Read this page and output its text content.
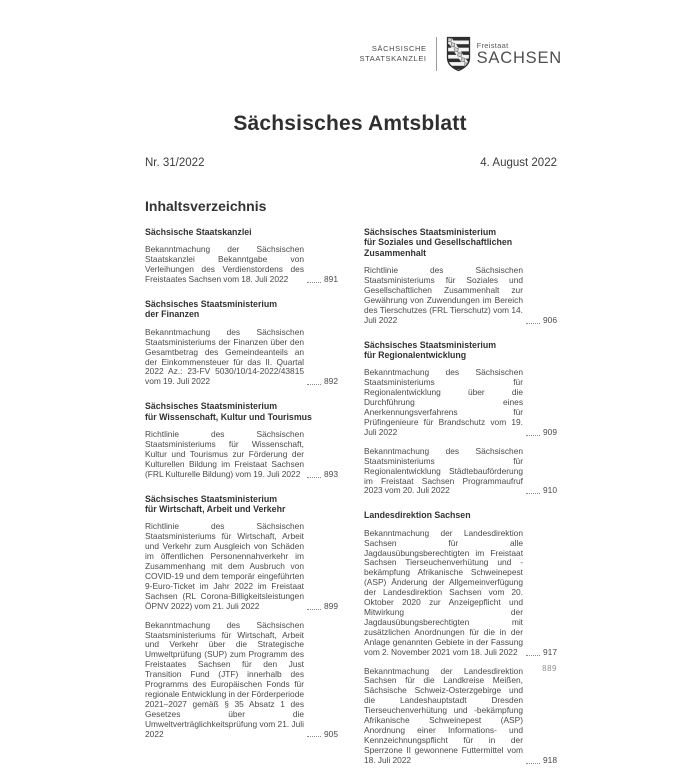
SÄCHSISCHE
STAATSKANZLEI
Freistaat
SACHSEN
Sächsisches Amtsblatt
Nr. 31/2022	4. August 2022
Inhaltsverzeichnis
Sächsische Staatskanzlei
Bekanntmachung der Sächsischen Staatskanzlei Bekanntgabe von Verleihungen des Verdienstordens des Freistaates Sachsen vom 18. Juli 2022	891
Sächsisches Staatsministerium
der Finanzen
Bekanntmachung des Sächsischen Staatsministeriums der Finanzen über den Gesamtbetrag des Gemeindeanteils an der Einkommensteuer für das II. Quartal 2022 Az.: 23-FV 5030/10/14-2022/43815 vom 19. Juli 2022	892
Sächsisches Staatsministerium
für Wissenschaft, Kultur und Tourismus
Richtlinie des Sächsischen Staatsministeriums für Wissenschaft, Kultur und Tourismus zur Förderung der Kulturellen Bildung im Freistaat Sachsen (FRL Kulturelle Bildung) vom 19. Juli 2022	893
Sächsisches Staatsministerium
für Wirtschaft, Arbeit und Verkehr
Richtlinie des Sächsischen Staatsministeriums für Wirtschaft, Arbeit und Verkehr zum Ausgleich von Schäden im öffentlichen Personennahverkehr im Zusammenhang mit dem Ausbruch von COVID-19 und dem temporär eingeführten 9-Euro-Ticket im Jahr 2022 im Freistaat Sachsen (RL Corona-Billigkeitsleistungen ÖPNV 2022) vom 21. Juli 2022	899
Bekanntmachung des Sächsischen Staatsministeriums für Wirtschaft, Arbeit und Verkehr über die Strategische Umweltprüfung (SUP) zum Programm des Freistaates Sachsen für den Just Transition Fund (JTF) innerhalb des Programms des Europäischen Fonds für regionale Entwicklung in der Förderperiode 2021–2027 gemäß § 35 Absatz 1 des Gesetzes über die Umweltverträglichkeitsprüfung vom 21. Juli 2022	905
Sächsisches Staatsministerium
für Soziales und Gesellschaftlichen
Zusammenhalt
Richtlinie des Sächsischen Staatsministeriums für Soziales und Gesellschaftlichen Zusammenhalt zur Gewährung von Zuwendungen im Bereich des Tierschutzes (FRL Tierschutz) vom 14. Juli 2022	906
Sächsisches Staatsministerium
für Regionalentwicklung
Bekanntmachung des Sächsischen Staatsministeriums für Regionalentwicklung über die Durchführung eines Anerkennungsverfahrens für Prüfingenieure für Brandschutz vom 19. Juli 2022	909
Bekanntmachung des Sächsischen Staatsministeriums für Regionalentwicklung Städtebauförderung im Freistaat Sachsen Programmaufruf 2023 vom 20. Juli 2022	910
Landesdirektion Sachsen
Bekanntmachung der Landesdirektion Sachsen für alle Jagdausübungsberechtigten im Freistaat Sachsen Tierseuchenverhütung und -bekämpfung Afrikanische Schweinepest (ASP) Änderung der Allgemeinverfügung der Landesdirektion Sachsen vom 20. Oktober 2020 zur Anzeigepflicht und Mitwirkung der Jagdausübungsberechtigten mit zusätzlichen Anordnungen für die in der Anlage genannten Gebiete in der Fassung vom 2. November 2021 vom 18. Juli 2022	917
Bekanntmachung der Landesdirektion Sachsen für die Landkreise Meißen, Sächsische Schweiz-Osterzgebirge und die Landeshauptstadt Dresden Tierseuchenverhütung und -bekämpfung Afrikanische Schweinepest (ASP) Anordnung einer Informations- und Kennzeichnungspflicht für in der Sperrzone II gewonnene Futtermittel vom 18. Juli 2022	918
889
